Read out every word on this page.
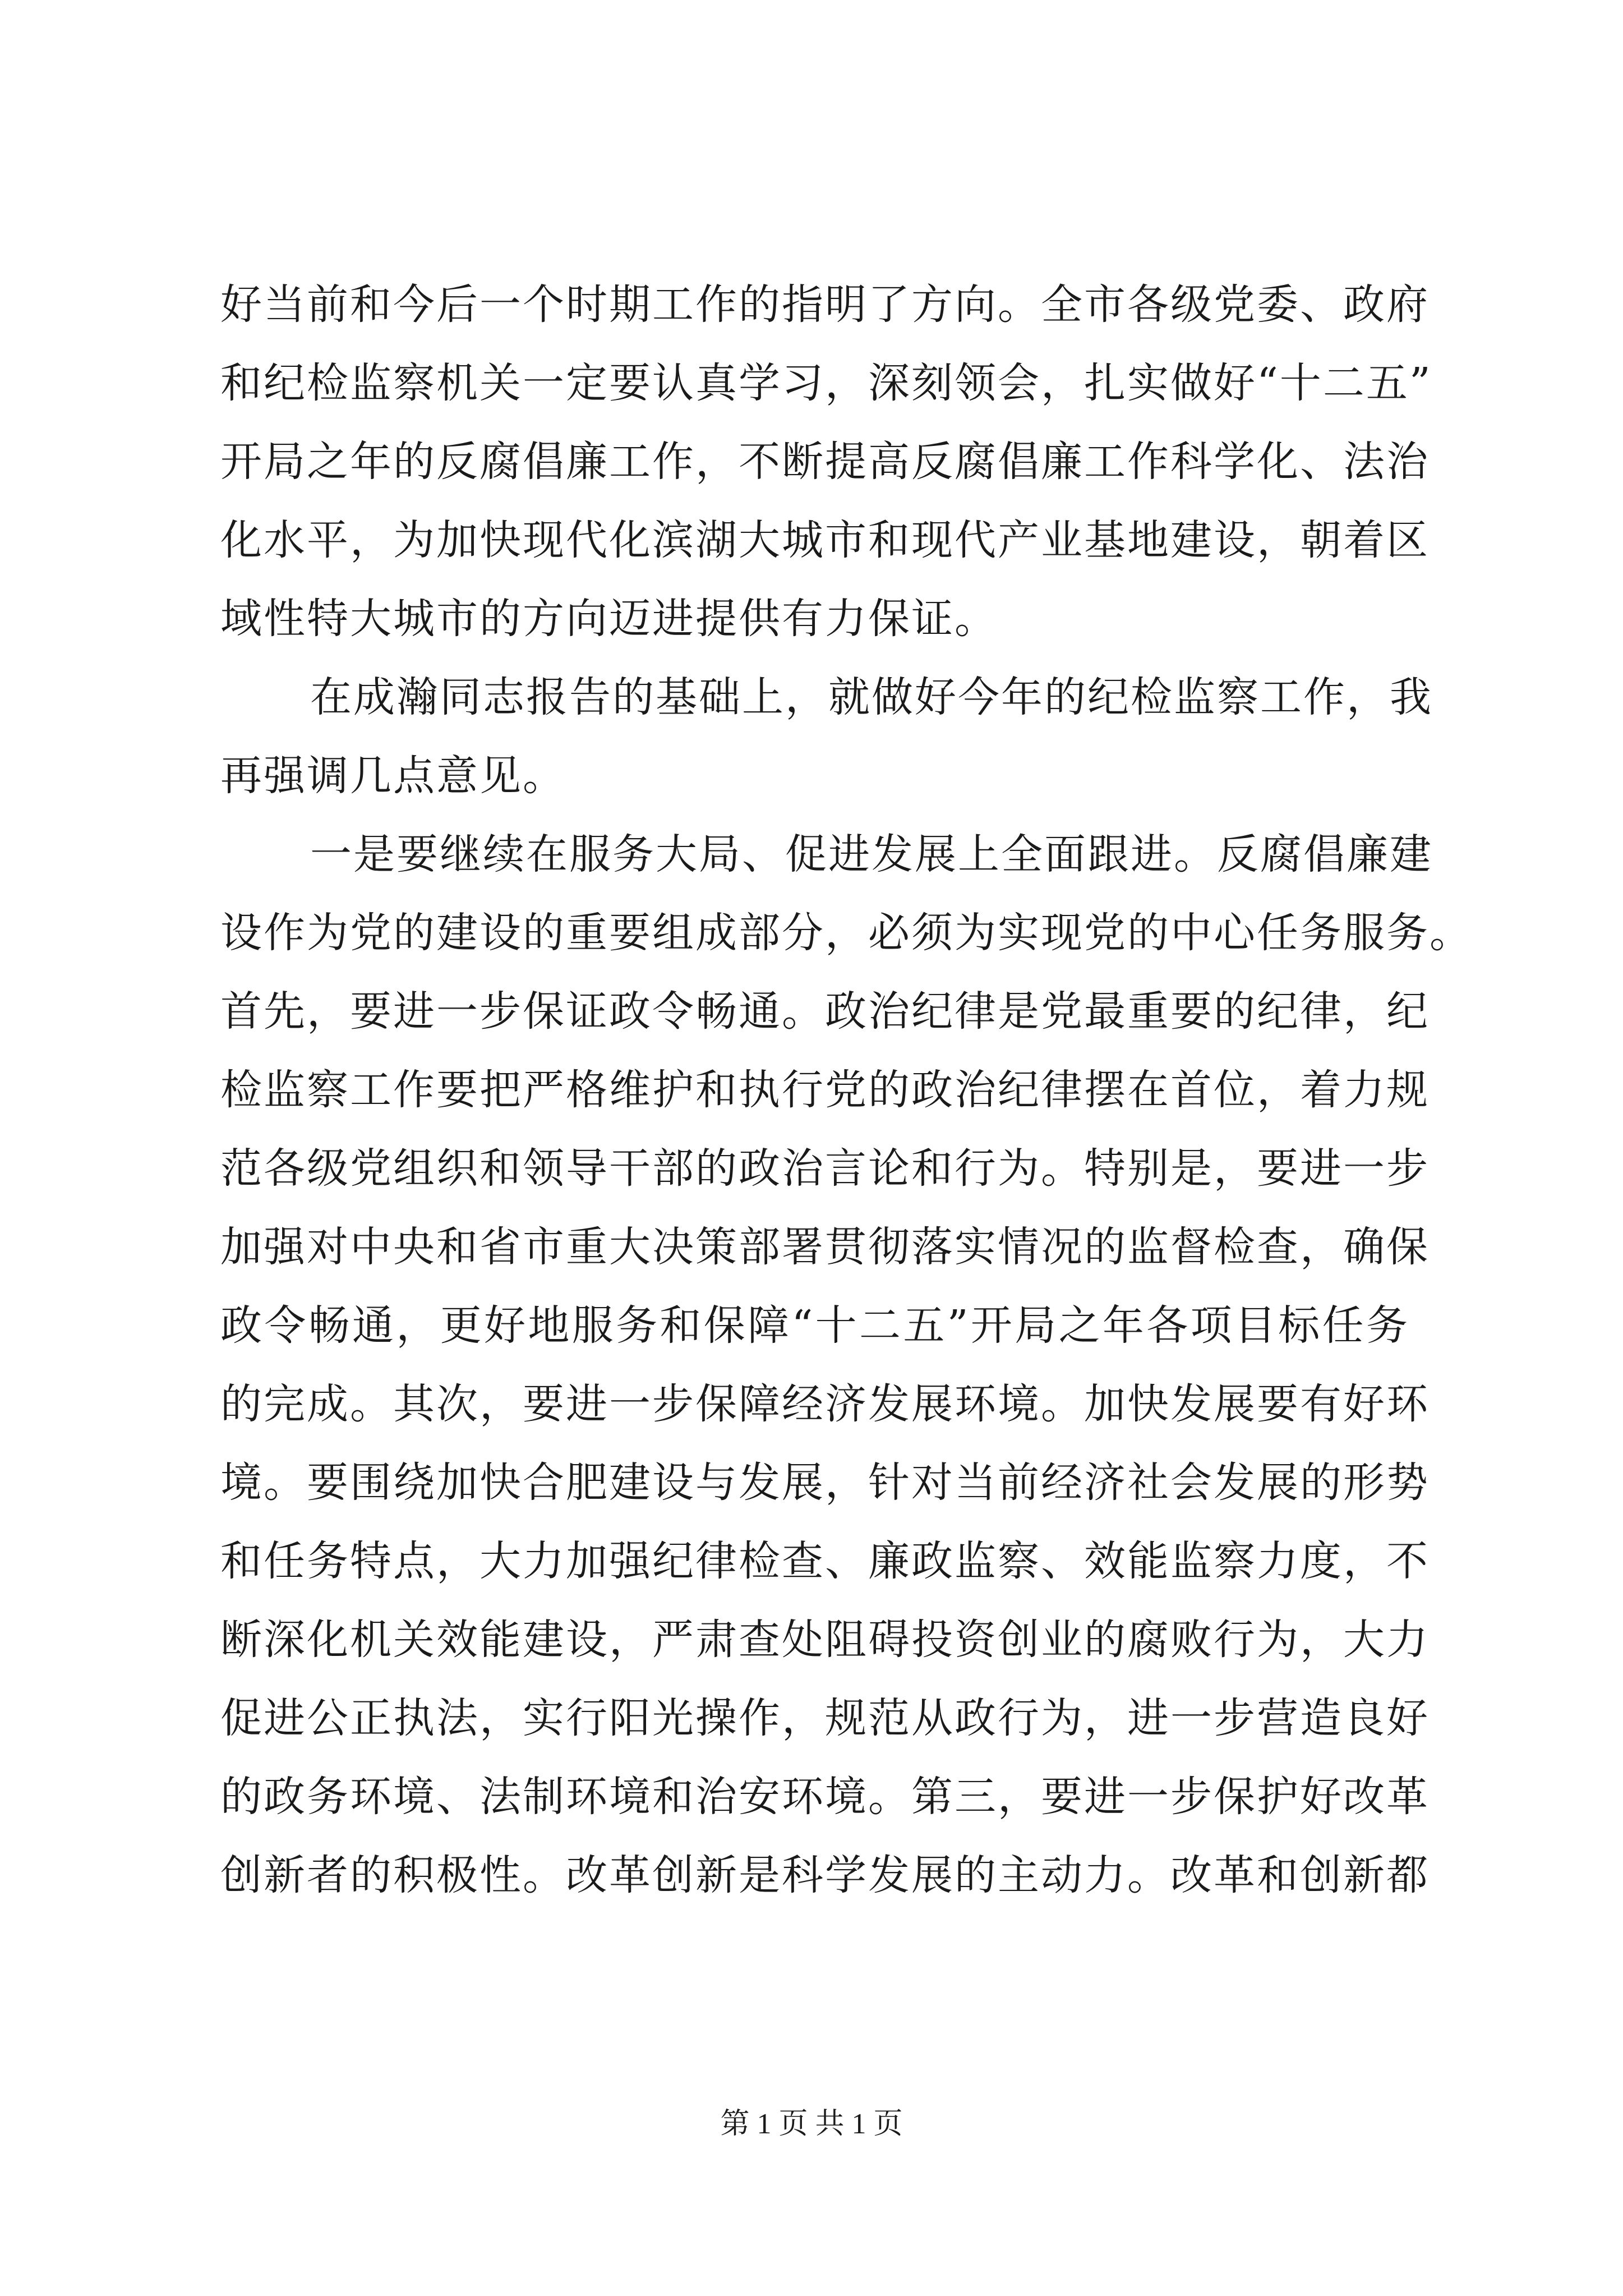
好当前和今后一个时期工作的指明了方向。全市各级党委、政府
和纪检监察机关一定要认真学习，深刻领会，扎实做好“十二五”
开局之年的反腐倡廉工作，不断提高反腐倡廉工作科学化、法治
化水平，为加快现代化滨湖大城市和现代产业基地建设，朝着区
域性特大城市的方向迈进提供有力保证。
在成瀚同志报告的基础上，就做好今年的纪检监察工作，我
再强调几点意见。
一是要继续在服务大局、促进发展上全面跟进。反腐倡廉建
设作为党的建设的重要组成部分，必须为实现党的中心任务服务。
首先，要进一步保证政令畅通。政治纪律是党最重要的纪律，纪
检监察工作要把严格维护和执行党的政治纪律摆在首位，着力规
范各级党组织和领导干部的政治言论和行为。特别是，要进一步
加强对中央和省市重大决策部署贯彻落实情况的监督检查，确保
政令畅通，更好地服务和保障“十二五”开局之年各项目标任务
的完成。其次，要进一步保障经济发展环境。加快发展要有好环
境。要围绕加快合肥建设与发展，针对当前经济社会发展的形势
和任务特点，大力加强纪律检查、廉政监察、效能监察力度，不
断深化机关效能建设，严肃查处阻碍投资创业的腐败行为，大力
促进公正执法，实行阳光操作，规范从政行为，进一步营造良好
的政务环境、法制环境和治安环境。第三，要进一步保护好改革
创新者的积极性。改革创新是科学发展的主动力。改革和创新都
第 1 页 共 1 页
